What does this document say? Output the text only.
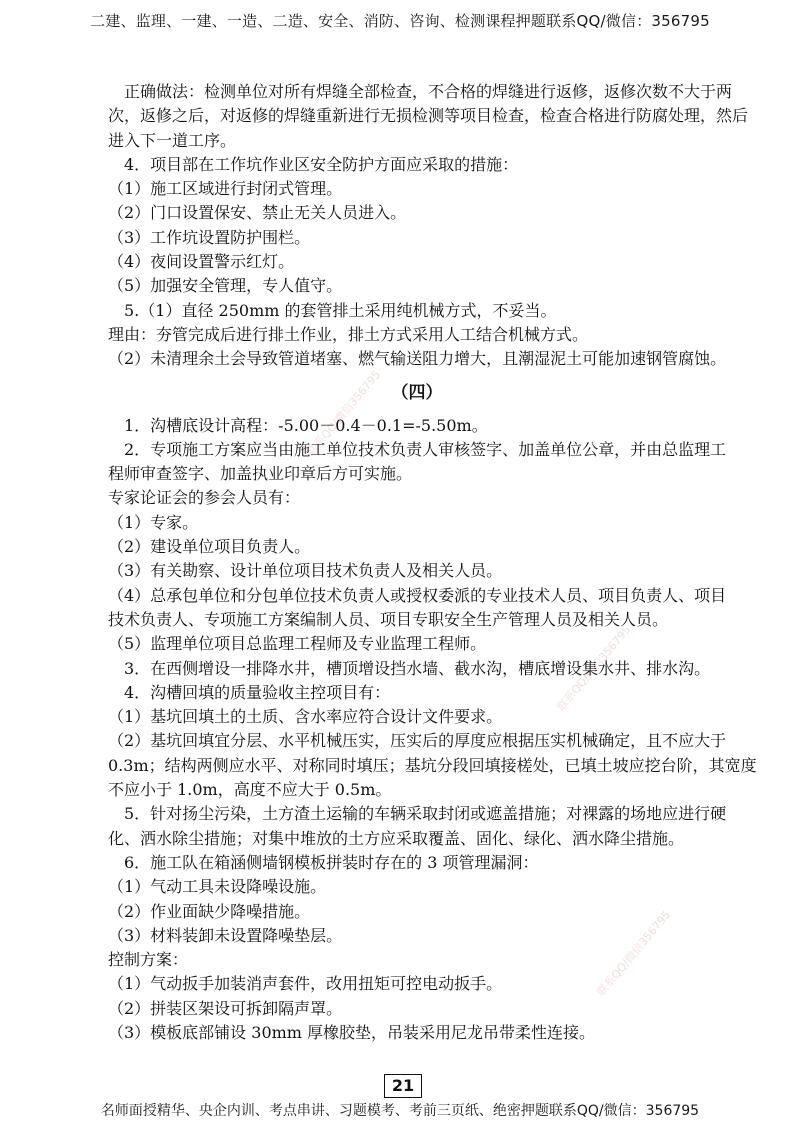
二建、监理、一建、一造、二造、安全、消防、咨询、检测课程押题联系QQ/微信：356795
联系QQ/微信356795
联系QQ/微信356795
联系QQ/微信356795
　正确做法：检测单位对所有焊缝全部检查，不合格的焊缝进行返修，返修次数不大于两
次，返修之后，对返修的焊缝重新进行无损检测等项目检查，检查合格进行防腐处理，然后
进入下一道工序。
　4．项目部在工作坑作业区安全防护方面应采取的措施：
（1）施工区域进行封闭式管理。
（2）门口设置保安、禁止无关人员进入。
（3）工作坑设置防护围栏。
（4）夜间设置警示红灯。
（5）加强安全管理，专人值守。
　5.（1）直径 250mm 的套管排土采用纯机械方式，不妥当。
理由：夯管完成后进行排土作业，排土方式采用人工结合机械方式。
（2）未清理余土会导致管道堵塞、燃气输送阻力增大，且潮湿泥土可能加速钢管腐蚀。
（四）
　1．沟槽底设计高程：-5.00－0.4－0.1=-5.50m。
　2．专项施工方案应当由施工单位技术负责人审核签字、加盖单位公章，并由总监理工
程师审查签字、加盖执业印章后方可实施。
专家论证会的参会人员有：
（1）专家。
（2）建设单位项目负责人。
（3）有关勘察、设计单位项目技术负责人及相关人员。
（4）总承包单位和分包单位技术负责人或授权委派的专业技术人员、项目负责人、项目
技术负责人、专项施工方案编制人员、项目专职安全生产管理人员及相关人员。
（5）监理单位项目总监理工程师及专业监理工程师。
　3．在西侧增设一排降水井，槽顶增设挡水墙、截水沟，槽底增设集水井、排水沟。
　4．沟槽回填的质量验收主控项目有：
（1）基坑回填土的土质、含水率应符合设计文件要求。
（2）基坑回填宜分层、水平机械压实，压实后的厚度应根据压实机械确定，且不应大于
0.3m；结构两侧应水平、对称同时填压；基坑分段回填接槎处，已填土坡应挖台阶，其宽度
不应小于 1.0m，高度不应大于 0.5m。
　5．针对扬尘污染，土方渣土运输的车辆采取封闭或遮盖措施；对裸露的场地应进行硬
化、洒水除尘措施；对集中堆放的土方应采取覆盖、固化、绿化、洒水降尘措施。
　6．施工队在箱涵侧墙钢模板拼装时存在的 3 项管理漏洞：
（1）气动工具未设降噪设施。
（2）作业面缺少降噪措施。
（3）材料装卸未设置降噪垫层。
控制方案：
（1）气动扳手加装消声套件，改用扭矩可控电动扳手。
（2）拼装区架设可拆卸隔声罩。
（3）模板底部铺设 30mm 厚橡胶垫，吊装采用尼龙吊带柔性连接。
21
名师面授精华、央企内训、考点串讲、习题模考、考前三页纸、绝密押题联系QQ/微信：356795
